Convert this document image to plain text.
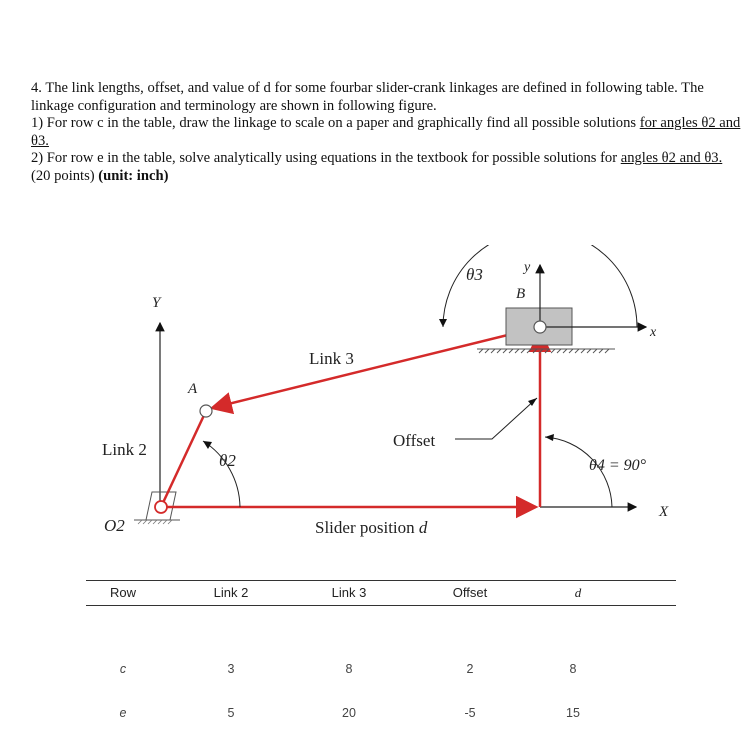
4. The link lengths, offset, and value of d for some fourbar slider-crank linkages are defined in following table. The linkage configuration and terminology are shown in following figure.

1) For row c in the table, draw the linkage to scale on a paper and graphically find all possible solutions for angles θ2 and θ3.

2) For row e in the table, solve analytically using equations in the textbook for possible solutions for angles θ2 and θ3.

(20 points) (unit: inch)

Y
X
O2
A
B
y
x
θ3
Link 3
Link 2
θ2
Offset
θ4 = 90°
Slider position d
Row	Link 2	Link 3	Offset	d
c	3	8	2	8
e	5	20	-5	15
